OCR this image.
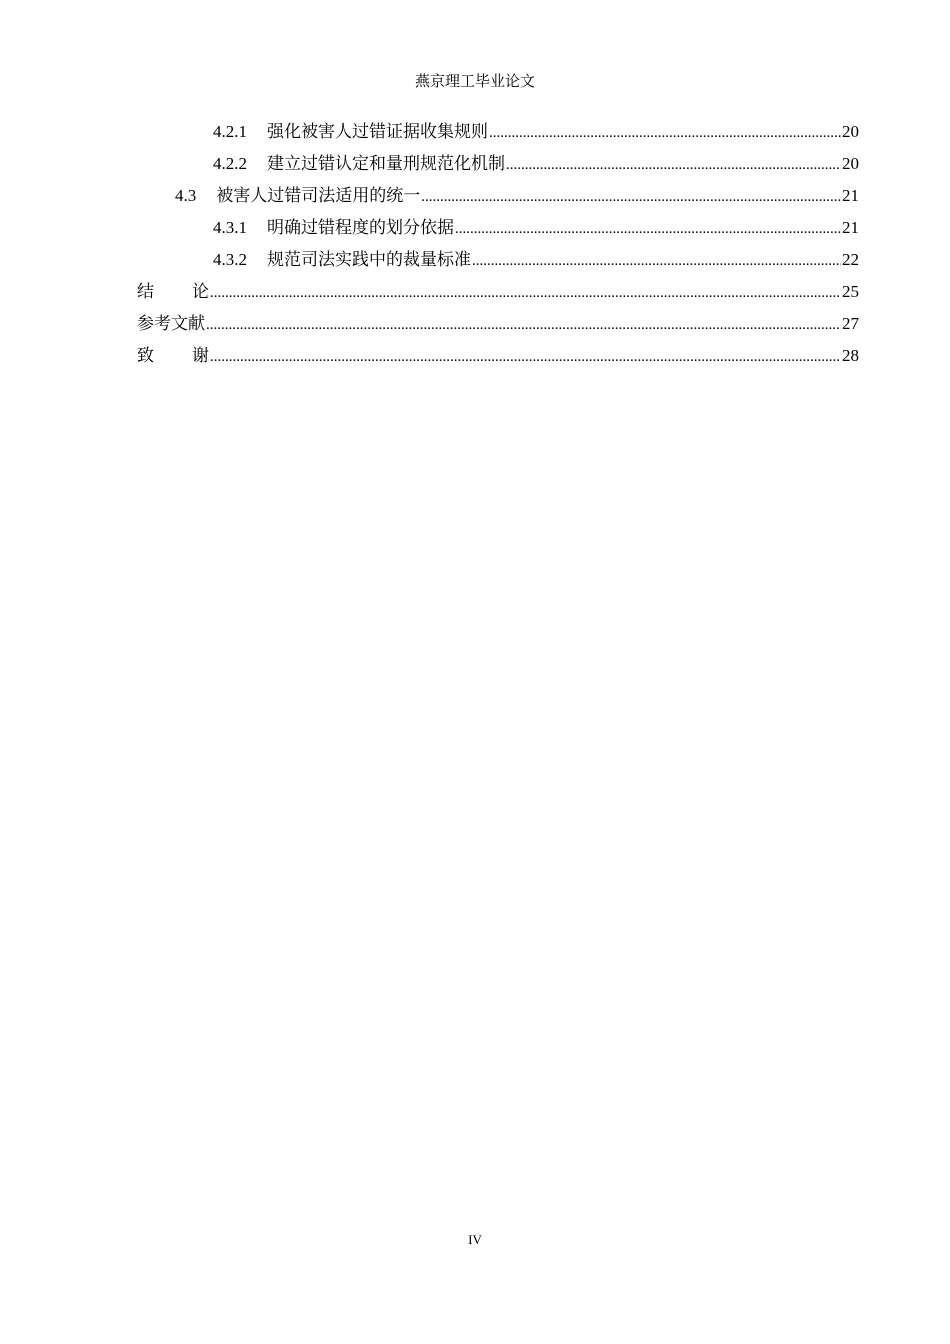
燕京理工毕业论文
4.2.1 强化被害人过错证据收集规则 .....	20
4.2.2 建立过错认定和量刑规范化机制 .....	20
4.3 被害人过错司法适用的统一 .....	21
4.3.1 明确过错程度的划分依据 .....	21
4.3.2 规范司法实践中的裁量标准 .....	22
结论 .....	25
参考文献 .....	27
致谢 .....	28
IV
